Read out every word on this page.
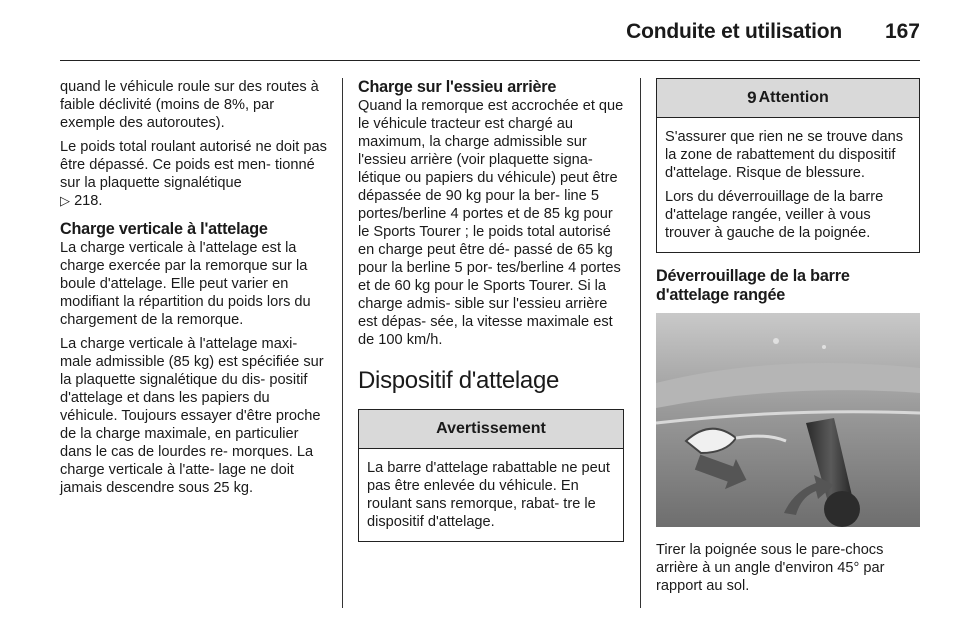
Conduite et utilisation 167

quand le véhicule roule sur des routes à faible déclivité (moins de 8%, par exemple des autoroutes).

Le poids total roulant autorisé ne doit pas être dépassé. Ce poids est men- tionné sur la plaquette signalétique
▷ 218.

Charge verticale à l'attelage

La charge verticale à l'attelage est la charge exercée par la remorque sur la boule d'attelage. Elle peut varier en modifiant la répartition du poids lors du chargement de la remorque.

La charge verticale à l'attelage maxi- male admissible (85 kg) est spécifiée sur la plaquette signalétique du dis- positif d'attelage et dans les papiers du véhicule. Toujours essayer d'être proche de la charge maximale, en particulier dans le cas de lourdes re- morques. La charge verticale à l'atte- lage ne doit jamais descendre sous 25 kg.

Charge sur l'essieu arrière

Quand la remorque est accrochée et que le véhicule tracteur est chargé au maximum, la charge admissible sur l'essieu arrière (voir plaquette signa- létique ou papiers du véhicule) peut être dépassée de 90 kg pour la ber- line 5 portes/berline 4 portes et de 85 kg pour le Sports Tourer ; le poids total autorisé en charge peut être dé- passé de 65 kg pour la berline 5 por- tes/berline 4 portes et de 60 kg pour le Sports Tourer. Si la charge admis- sible sur l'essieu arrière est dépas- sée, la vitesse maximale est de 100 km/h.

Dispositif d'attelage
Avertissement

La barre d'attelage rabattable ne peut pas être enlevée du véhicule. En roulant sans remorque, rabat- tre le dispositif d'attelage.

9 Attention

S'assurer que rien ne se trouve dans la zone de rabattement du dispositif d'attelage. Risque de blessure.

Lors du déverrouillage de la barre d'attelage rangée, veiller à vous trouver à gauche de la poignée.

Déverrouillage de la barre d'attelage rangée

Tirer la poignée sous le pare-chocs arrière à un angle d'environ 45° par rapport au sol.
